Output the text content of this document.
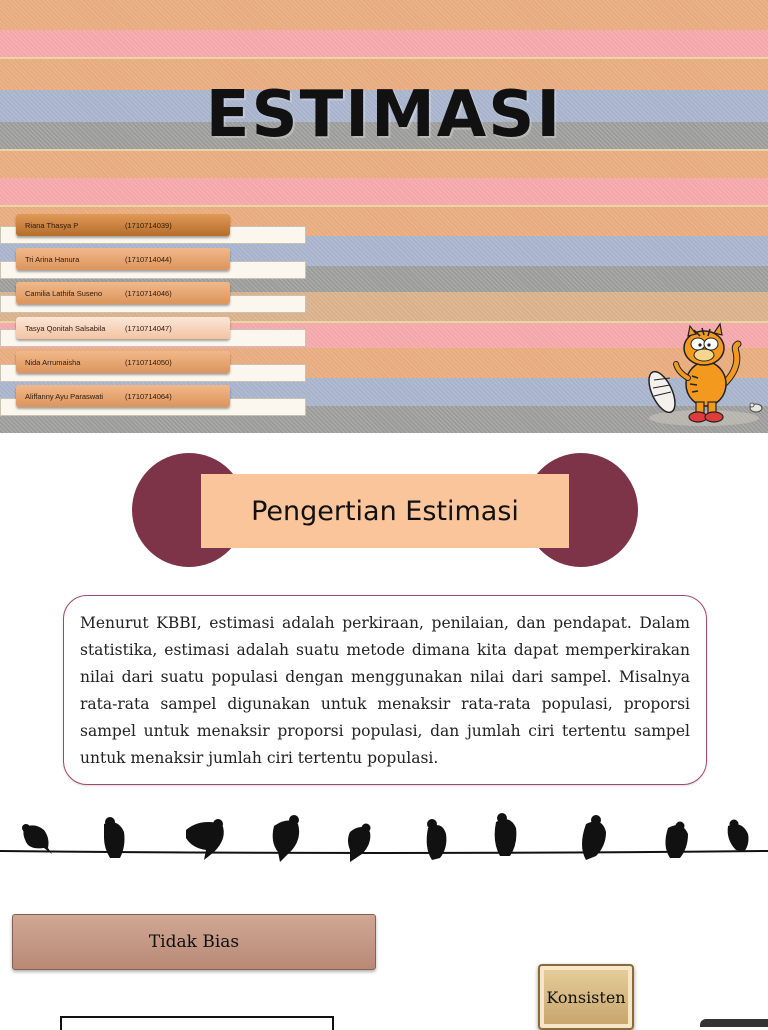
ESTIMASI
Riana Thasya P	(1710714039)
Tri Arina Hanura	(1710714044)
Camilia Lathifa Suseno	(1710714046)
Tasya Qonitah Salsabila	(1710714047)
Nida Arrumaisha	(1710714050)
Aliffanny Ayu Paraswati	(1710714064)
Pengertian Estimasi
Menurut KBBI, estimasi adalah perkiraan, penilaian, dan pendapat. Dalam statistika, estimasi adalah suatu metode dimana kita dapat memperkirakan nilai dari suatu populasi dengan menggunakan nilai dari sampel. Misalnya rata-rata sampel digunakan untuk menaksir rata-rata populasi, proporsi sampel untuk menaksir proporsi populasi, dan jumlah ciri tertentu sampel untuk menaksir jumlah ciri tertentu populasi.
Tidak Bias
Konsisten
